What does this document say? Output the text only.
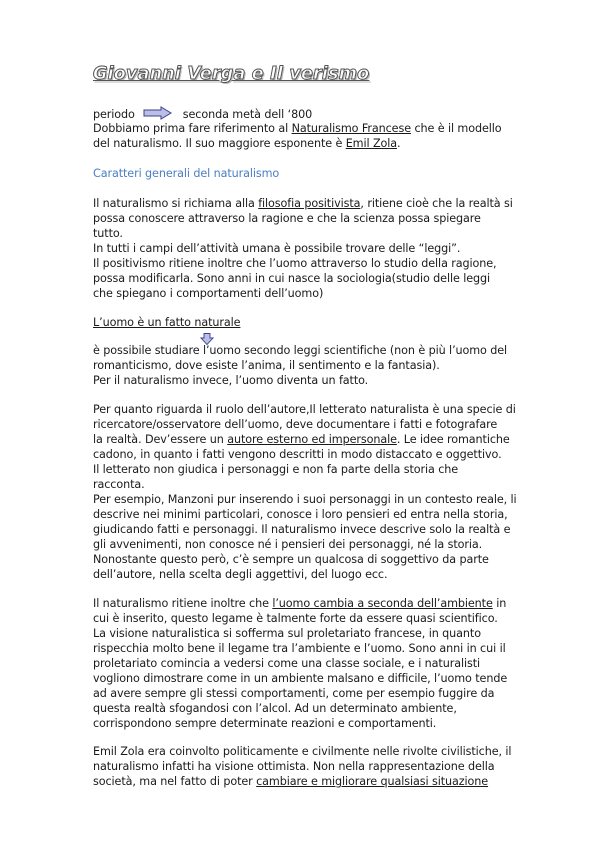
Giovanni Verga e Il verismo
periodo	seconda metà dell ‘800
Dobbiamo prima fare riferimento al Naturalismo Francese che è il modello
del naturalismo. Il suo maggiore esponente è Emil Zola.
Caratteri generali del naturalismo
Il naturalismo si richiama alla filosofia positivista, ritiene cioè che la realtà si
possa conoscere attraverso la ragione e che la scienza possa spiegare
tutto.
In tutti i campi dell’attività umana è possibile trovare delle “leggi”.
Il positivismo ritiene inoltre che l’uomo attraverso lo studio della ragione,
possa modificarla. Sono anni in cui nasce la sociologia(studio delle leggi
che spiegano i comportamenti dell’uomo)
L’uomo è un fatto naturale
è possibile studiare l’uomo secondo leggi scientifiche (non è più l’uomo del
romanticismo, dove esiste l’anima, il sentimento e la fantasia).
Per il naturalismo invece, l’uomo diventa un fatto.
Per quanto riguarda il ruolo dell’autore,Il letterato naturalista è una specie di
ricercatore/osservatore dell’uomo, deve documentare i fatti e fotografare
la realtà. Dev’essere un autore esterno ed impersonale. Le idee romantiche
cadono, in quanto i fatti vengono descritti in modo distaccato e oggettivo.
Il letterato non giudica i personaggi e non fa parte della storia che
racconta.
Per esempio, Manzoni pur inserendo i suoi personaggi in un contesto reale, li
descrive nei minimi particolari, conosce i loro pensieri ed entra nella storia,
giudicando fatti e personaggi. Il naturalismo invece descrive solo la realtà e
gli avvenimenti, non conosce né i pensieri dei personaggi, né la storia.
Nonostante questo però, c’è sempre un qualcosa di soggettivo da parte
dell’autore, nella scelta degli aggettivi, del luogo ecc.
Il naturalismo ritiene inoltre che l’uomo cambia a seconda dell’ambiente in
cui è inserito, questo legame è talmente forte da essere quasi scientifico.
La visione naturalistica si sofferma sul proletariato francese, in quanto
rispecchia molto bene il legame tra l’ambiente e l’uomo. Sono anni in cui il
proletariato comincia a vedersi come una classe sociale, e i naturalisti
vogliono dimostrare come in un ambiente malsano e difficile, l’uomo tende
ad avere sempre gli stessi comportamenti, come per esempio fuggire da
questa realtà sfogandosi con l’alcol. Ad un determinato ambiente,
corrispondono sempre determinate reazioni e comportamenti.
Emil Zola era coinvolto politicamente e civilmente nelle rivolte civilistiche, il
naturalismo infatti ha visione ottimista. Non nella rappresentazione della
società, ma nel fatto di poter cambiare e migliorare qualsiasi situazione
